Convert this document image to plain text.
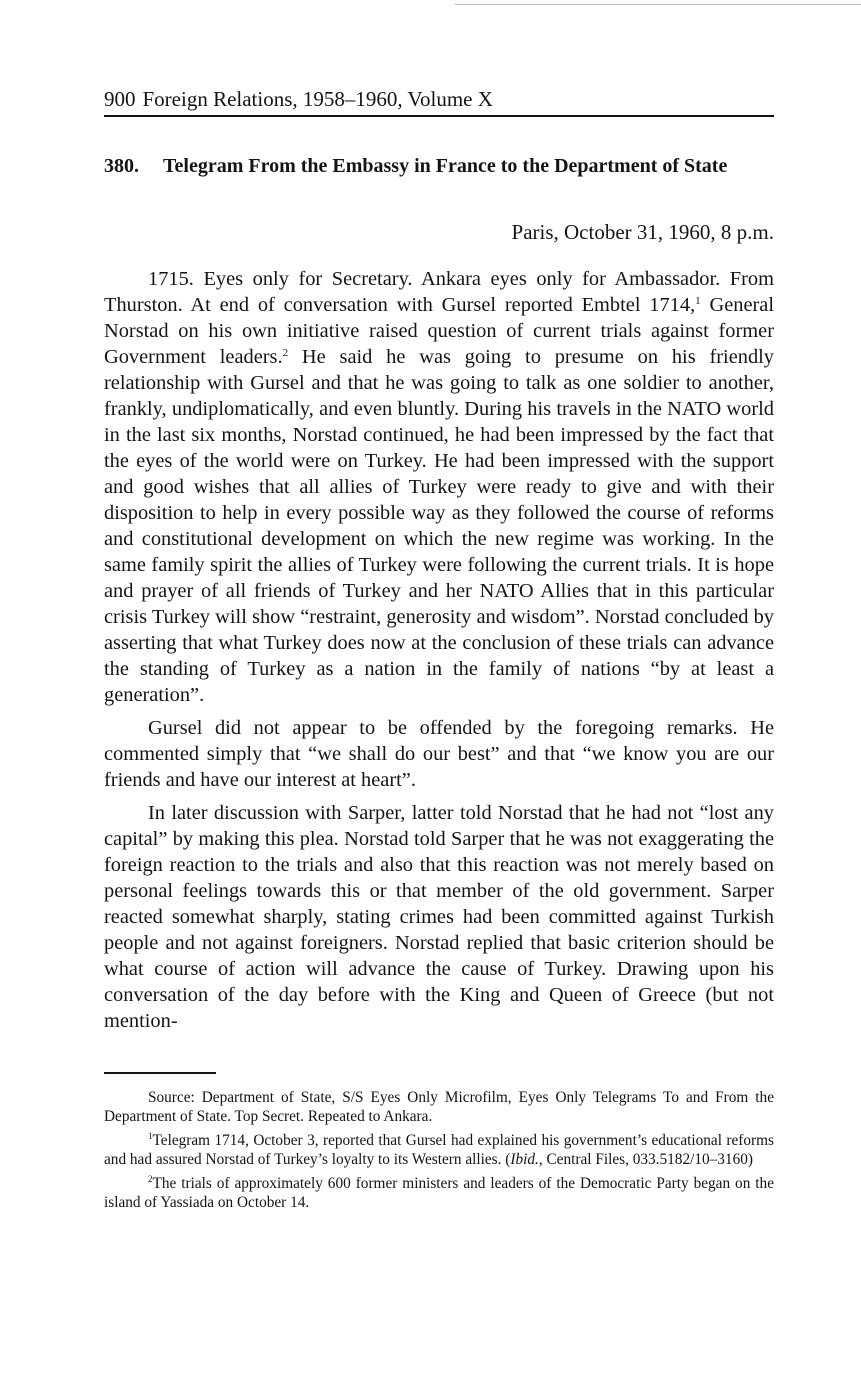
900 Foreign Relations, 1958–1960, Volume X
380.	Telegram From the Embassy in France to the Department of State
Paris, October 31, 1960, 8 p.m.

1715. Eyes only for Secretary. Ankara eyes only for Ambassador. From Thurston. At end of conversation with Gursel reported Embtel 1714,$^1$ General Norstad on his own initiative raised question of current trials against former Government leaders.$^2$ He said he was going to presume on his friendly relationship with Gursel and that he was going to talk as one soldier to another, frankly, undiplomatically, and even bluntly. During his travels in the NATO world in the last six months, Norstad continued, he had been impressed by the fact that the eyes of the world were on Turkey. He had been impressed with the support and good wishes that all allies of Turkey were ready to give and with their disposition to help in every possible way as they followed the course of reforms and constitutional development on which the new regime was working. In the same family spirit the allies of Turkey were following the current trials. It is hope and prayer of all friends of Turkey and her NATO Allies that in this particular crisis Turkey will show “restraint, generosity and wisdom”. Norstad concluded by asserting that what Turkey does now at the conclusion of these trials can advance the standing of Turkey as a nation in the family of nations “by at least a generation”.

Gursel did not appear to be offended by the foregoing remarks. He commented simply that “we shall do our best” and that “we know you are our friends and have our interest at heart”.

In later discussion with Sarper, latter told Norstad that he had not “lost any capital” by making this plea. Norstad told Sarper that he was not exaggerating the foreign reaction to the trials and also that this reaction was not merely based on personal feelings towards this or that member of the old government. Sarper reacted somewhat sharply, stating crimes had been committed against Turkish people and not against foreigners. Norstad replied that basic criterion should be what course of action will advance the cause of Turkey. Drawing upon his conversation of the day before with the King and Queen of Greece (but not mention-

Source: Department of State, S/S Eyes Only Microfilm, Eyes Only Telegrams To and From the Department of State. Top Secret. Repeated to Ankara.

$^1$Telegram 1714, October 3, reported that Gursel had explained his government’s educational reforms and had assured Norstad of Turkey’s loyalty to its Western allies. (Ibid., Central Files, 033.5182/10–3160)

$^2$The trials of approximately 600 former ministers and leaders of the Democratic Party began on the island of Yassiada on October 14.
